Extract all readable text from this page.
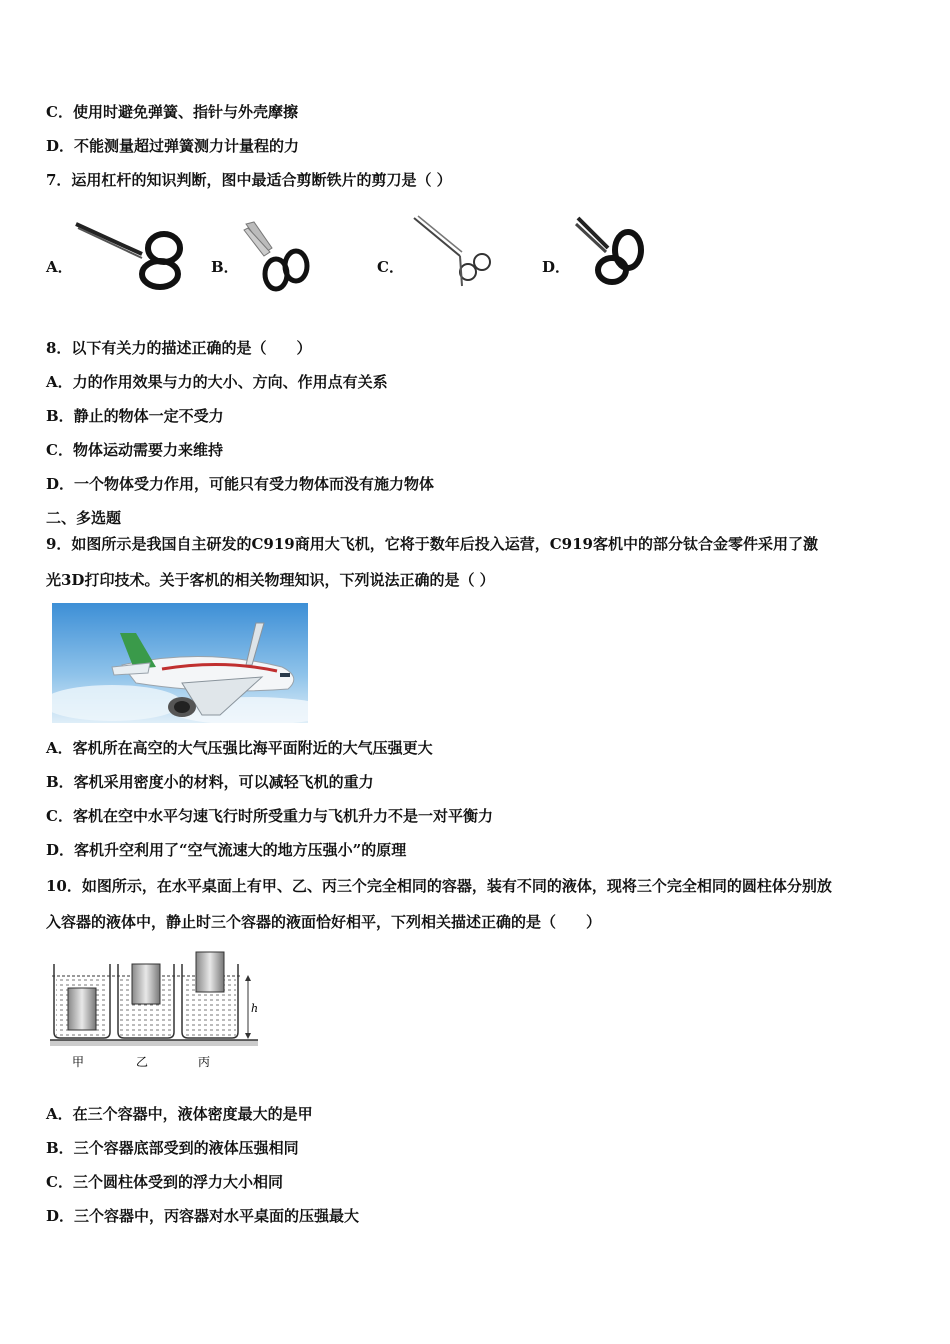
C．使用时避免弹簧、指针与外壳摩擦
D．不能测量超过弹簧测力计量程的力
7．运用杠杆的知识判断，图中最适合剪断铁片的剪刀是（ ）
A．	B．	C．	D．
8．以下有关力的描述正确的是（　　）
A．力的作用效果与力的大小、方向、作用点有关系
B．静止的物体一定不受力
C．物体运动需要力来维持
D．一个物体受力作用，可能只有受力物体而没有施力物体
二、多选题
9．如图所示是我国自主研发的C919商用大飞机，它将于数年后投入运营，C919客机中的部分钛合金零件采用了激
光3D打印技术。关于客机的相关物理知识，下列说法正确的是（ ）
A．客机所在高空的大气压强比海平面附近的大气压强更大
B．客机采用密度小的材料，可以减轻飞机的重力
C．客机在空中水平匀速飞行时所受重力与飞机升力不是一对平衡力
D．客机升空利用了“空气流速大的地方压强小”的原理
10．如图所示，在水平桌面上有甲、乙、丙三个完全相同的容器，装有不同的液体，现将三个完全相同的圆柱体分别放
入容器的液体中，静止时三个容器的液面恰好相平，下列相关描述正确的是（　　）
h
甲	乙	丙
A．在三个容器中，液体密度最大的是甲
B．三个容器底部受到的液体压强相同
C．三个圆柱体受到的浮力大小相同
D．三个容器中，丙容器对水平桌面的压强最大
